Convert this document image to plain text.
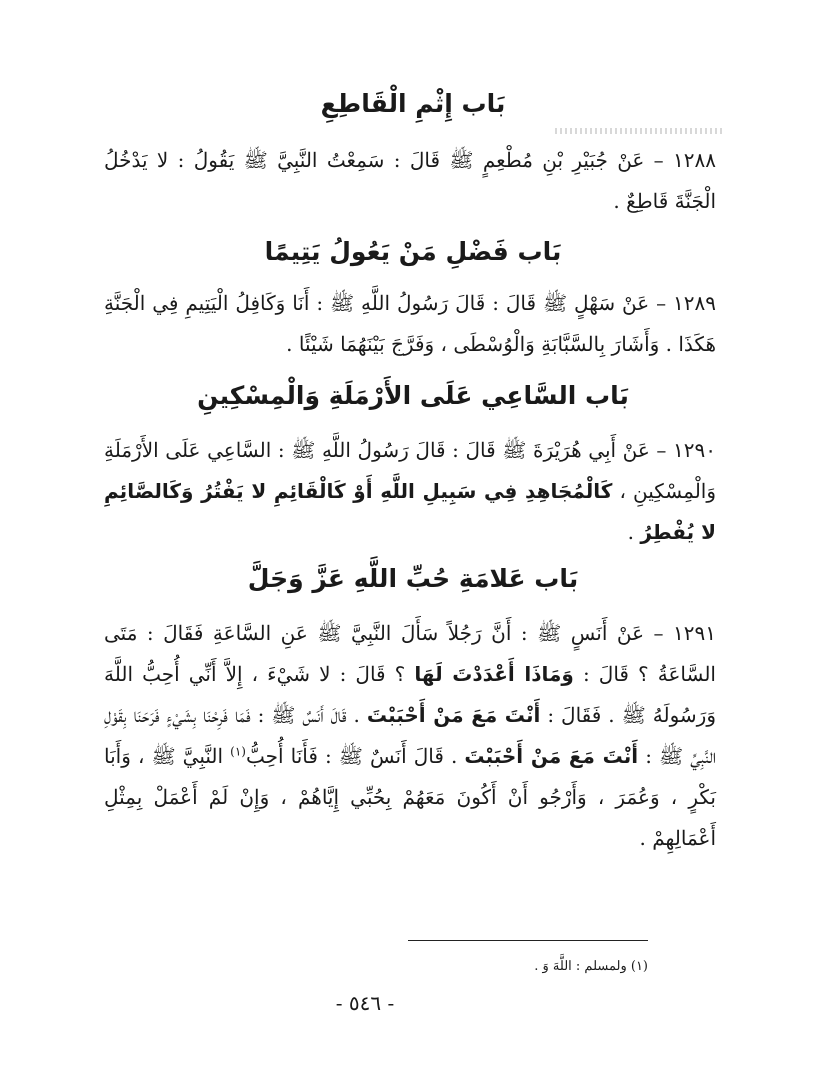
بَاب إِثْمِ الْقَاطِعِ

١٢٨٨ – عَنْ جُبَيْرِ بْنِ مُطْعِمٍ ﷺ قَالَ : سَمِعْتُ النَّبِيَّ ﷺ يَقُولُ : لا يَدْخُلُ الْجَنَّةَ قَاطِعٌ .

بَاب فَضْلِ مَنْ يَعُولُ يَتِيمًا

١٢٨٩ – عَنْ سَهْلٍ ﷺ قَالَ : قَالَ رَسُولُ اللَّهِ ﷺ : أَنَا وَكَافِلُ الْيَتِيمِ فِي الْجَنَّةِ هَكَذَا . وَأَشَارَ بِالسَّبَّابَةِ وَالْوُسْطَى ، وَفَرَّجَ بَيْنَهُمَا شَيْئًا .

بَاب السَّاعِي عَلَى الأَرْمَلَةِ وَالْمِسْكِينِ

١٢٩٠ – عَنْ أَبِي هُرَيْرَةَ ﷺ قَالَ : قَالَ رَسُولُ اللَّهِ ﷺ : السَّاعِي عَلَى الأَرْمَلَةِ وَالْمِسْكِينِ ، كَالْمُجَاهِدِ فِي سَبِيلِ اللَّهِ أَوْ كَالْقَائِمِ لا يَفْتُرُ وَكَالصَّائِمِ لا يُفْطِرُ .

بَاب عَلامَةِ حُبِّ اللَّهِ عَزَّ وَجَلَّ

١٢٩١ – عَنْ أَنَسٍ ﷺ : أَنَّ رَجُلاً سَأَلَ النَّبِيَّ ﷺ عَنِ السَّاعَةِ فَقَالَ : مَتَى السَّاعَةُ ؟ قَالَ : وَمَاذَا أَعْدَدْتَ لَهَا ؟ قَالَ : لا شَيْءَ ، إِلاَّ أَنِّي أُحِبُّ اللَّهَ وَرَسُولَهُ ﷺ . فَقَالَ : أَنْتَ مَعَ مَنْ أَحْبَبْتَ . قَالَ أَنَسٌ ﷺ : فَمَا فَرِحْنَا بِشَيْءٍ فَرَحَنَا بِقَوْلِ النَّبِيِّ ﷺ : أَنْتَ مَعَ مَنْ أَحْبَبْتَ . قَالَ أَنَسٌ ﷺ : فَأَنَا أُحِبُّ$^{(١)}$ النَّبِيَّ ﷺ ، وَأَبَا بَكْرٍ ، وَعُمَرَ ، وَأَرْجُو أَنْ أَكُونَ مَعَهُمْ بِحُبِّي إِيَّاهُمْ ، وَإِنْ لَمْ أَعْمَلْ بِمِثْلِ أَعْمَالِهِمْ .

(١) ولمسلم : اللَّهَ وَ .

- ٥٤٦ -
